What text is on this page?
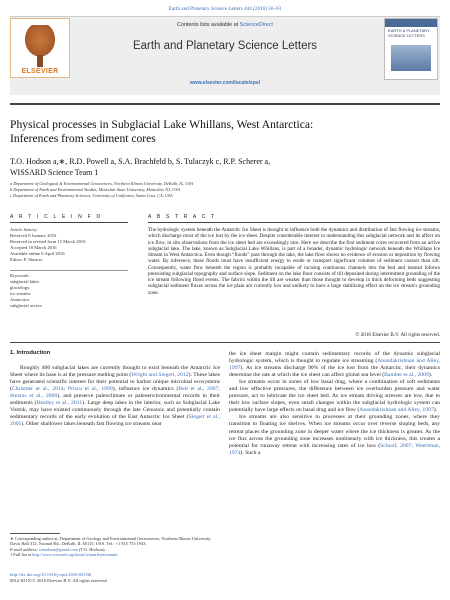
Earth and Planetary Science Letters 444 (2016) 56–63
ELSEVIER
Contents lists available at ScienceDirect
Earth and Planetary Science Letters
www.elsevier.com/locate/epsl
EARTH & PLANETARY SCIENCE LETTERS
Physical processes in Subglacial Lake Whillans, West Antarctica:
Inferences from sediment cores
T.O. Hodson a,∗, R.D. Powell a, S.A. Brachfeld b, S. Tulaczyk c, R.P. Scherer a,
WISSARD Science Team 1
a Department of Geological & Environmental Geosciences, Northern Illinois University, DeKalb, IL, USA
b Department of Earth and Environmental Studies, Montclair State University, Montclair, NJ, USA
c Department of Earth and Planetary Sciences, University of California, Santa Cruz, CA, USA
A R T I C L E I N F O	A B S T R A C T
Article history:
Received 8 January 2016
Received in revised form 15 March 2016
Accepted 18 March 2016
Available online 6 April 2016
Editor: P. Shearer
Keywords:
subglacial lakes
glaciology
ice streams
Antarctica
subglacial access
The hydrologic system beneath the Antarctic Ice Sheet is thought to influence both the dynamics and distribution of fast flowing ice streams, which discharge most of the ice lost by the ice sheet. Despite considerable interest in understanding this subglacial network and its affect on ice flow, in situ observations from the ice sheet bed are exceedingly rare. Here we describe the first sediment cores recovered from an active subglacial lake. The lake, known as Subglacial Lake Whillans, is part of a broader, dynamic hydrologic network beneath the Whillans Ice Stream in West Antarctica. Even though “floods” pass through the lake, the lake floor shows no evidence of erosion or deposition by flowing water. By inference, these floods must have insufficient energy to erode or transport significant volumes of sediment coarser than silt. Consequently, water flow beneath the region is probably incapable of incising continuous channels into the bed and instead follows preexisting subglacial topography and surface slope. Sediment on the lake floor consists of till deposited during intermittent grounding of the ice stream following flood events. The fabrics within the till are weaker than those thought to develop in thick deforming beds suggesting subglacial sediment fluxes across the ice plain are currently low and unlikely to have a large stabilizing effect on the ice stream's grounding zone.
© 2016 Elsevier B.V. All rights reserved.
1. Introduction

Roughly 400 subglacial lakes are currently thought to exist beneath the Antarctic Ice Sheet where its base is at the pressure melting point (Wright and Siegert, 2012). These lakes have generated scientific interest for their potential to harbor unique microbial ecosystems (Christner et al., 2014; Priscu et al., 1999), influence ice dynamics (Bell et al., 2007; Stearns et al., 2008), and preserve paleoclimate or paleoenvironmental records in their sediments (Bentley et al., 2011). Large deep lakes in the interior, such as Subglacial Lake Vostok, may have existed continuously through the late Cenozoic and potentially contain sedimentary records of the early evolution of the East Antarctic Ice Sheet (Siegert et al., 2001). Other shallower lakes beneath fast flowing ice streams near

the ice sheet margin might contain sedimentary records of the dynamic subglacial hydrologic system, which is thought to regulate ice streaming (Anandakrishnan and Alley, 1997). As ice streams discharge 90% of the ice lost from the Antarctic, their dynamics determine the rate at which the ice sheet can affect global sea level (Bamber et al., 2009).

Ice streams occur in zones of low basal drag, where a combination of soft sediments and low effective pressures, the difference between ice overburden pressure and water pressure, act to lubricate the ice sheet bed. As ice stream driving stresses are low, due to their low surface slopes, even small changes within the subglacial hydrologic system can potentially have large effects on basal drag and ice flow (Anandakrishnan and Alley, 1997).

Ice streams are also sensitive to processes at their grounding zones, where they transition to floating ice shelves. When ice streams occur over reverse sloping beds, any retreat places the grounding zone in deeper water where the ice thickness is greater. As the ice flux across the grounding zone increases nonlinearly with ice thickness, this creates a potential for runaway retreat with increasing rates of ice loss (Schoof, 2007; Weertman, 1974). Such a

∗ Corresponding author at: Department of Geology and Environmental Geosciences, Northern Illinois University, Davis Hall 312, Normal Rd., DeKalb, IL 60115, USA. Tel.: +1 815 753 1943.
E-mail address: tohodson@gmail.com (T.O. Hodson).
1 Full list at http://www.wissard.org/about/wissard-personnel.
http://dx.doi.org/10.1016/j.epsl.2016.03.036
0012-821X/© 2016 Elsevier B.V. All rights reserved.
